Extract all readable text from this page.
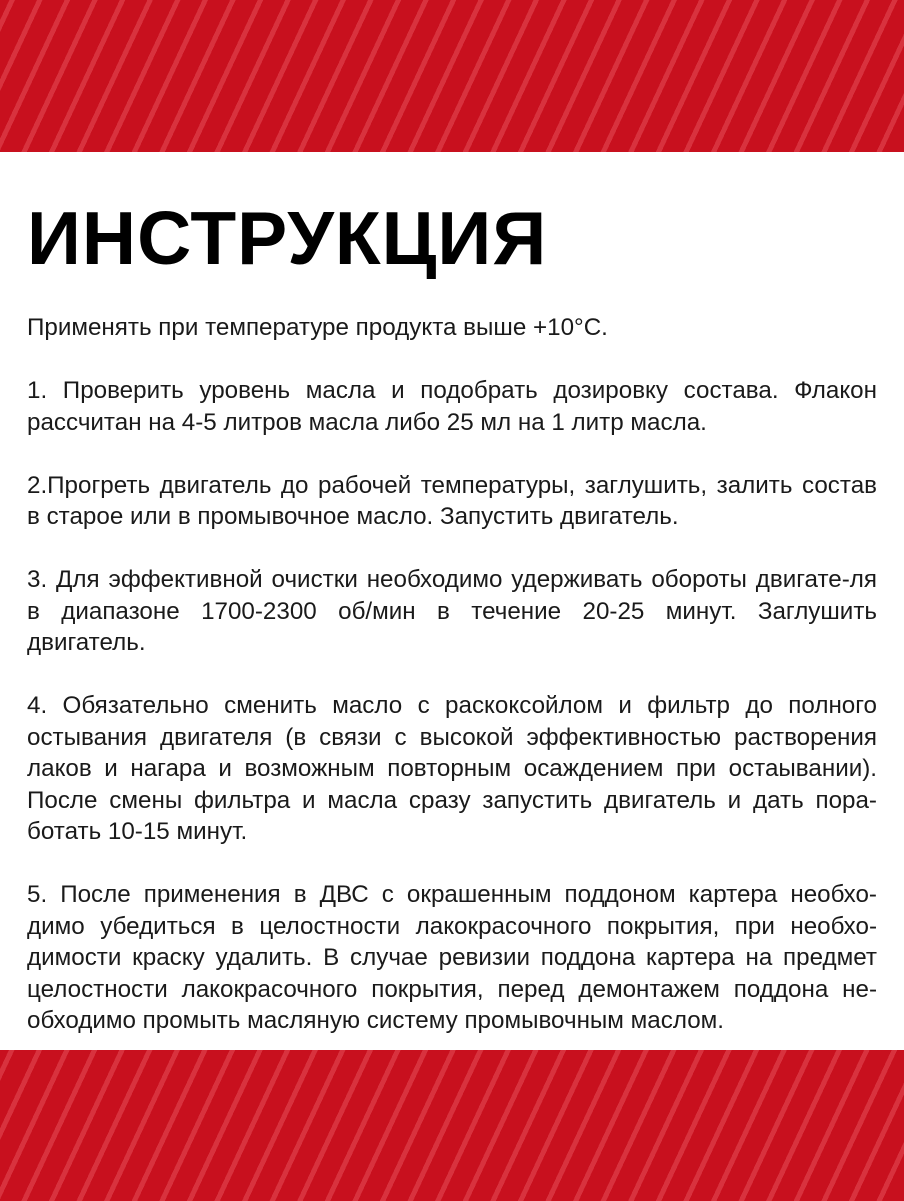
ИНСТРУКЦИЯ

Применять при температуре продукта выше +10°C.

1. Проверить уровень масла и подобрать дозировку состава. Флакон рассчитан на 4-5 литров масла либо 25 мл на 1 литр масла.

2.Прогреть двигатель до рабочей температуры, заглушить, залить состав в старое или в промывочное масло. Запустить двигатель.

3. Для эффективной очистки необходимо удерживать обороты двигате-ля в диапазоне 1700-2300 об/мин в течение 20-25 минут. Заглушить двигатель.

4. Обязательно сменить масло с раскоксойлом и фильтр до полного остывания двигателя (в связи с высокой эффективностью растворения лаков и нагара и возможным повторным осаждением при остаывании). После смены фильтра и масла сразу запустить двигатель и дать пора-ботать 10-15 минут.

5. После применения в ДВС с окрашенным поддоном картера необхо-димо убедиться в целостности лакокрасочного покрытия, при необхо-димости краску удалить. В случае ревизии поддона картера на предмет целостности лакокрасочного покрытия, перед демонтажем поддона не-обходимо промыть масляную систему промывочным маслом.
